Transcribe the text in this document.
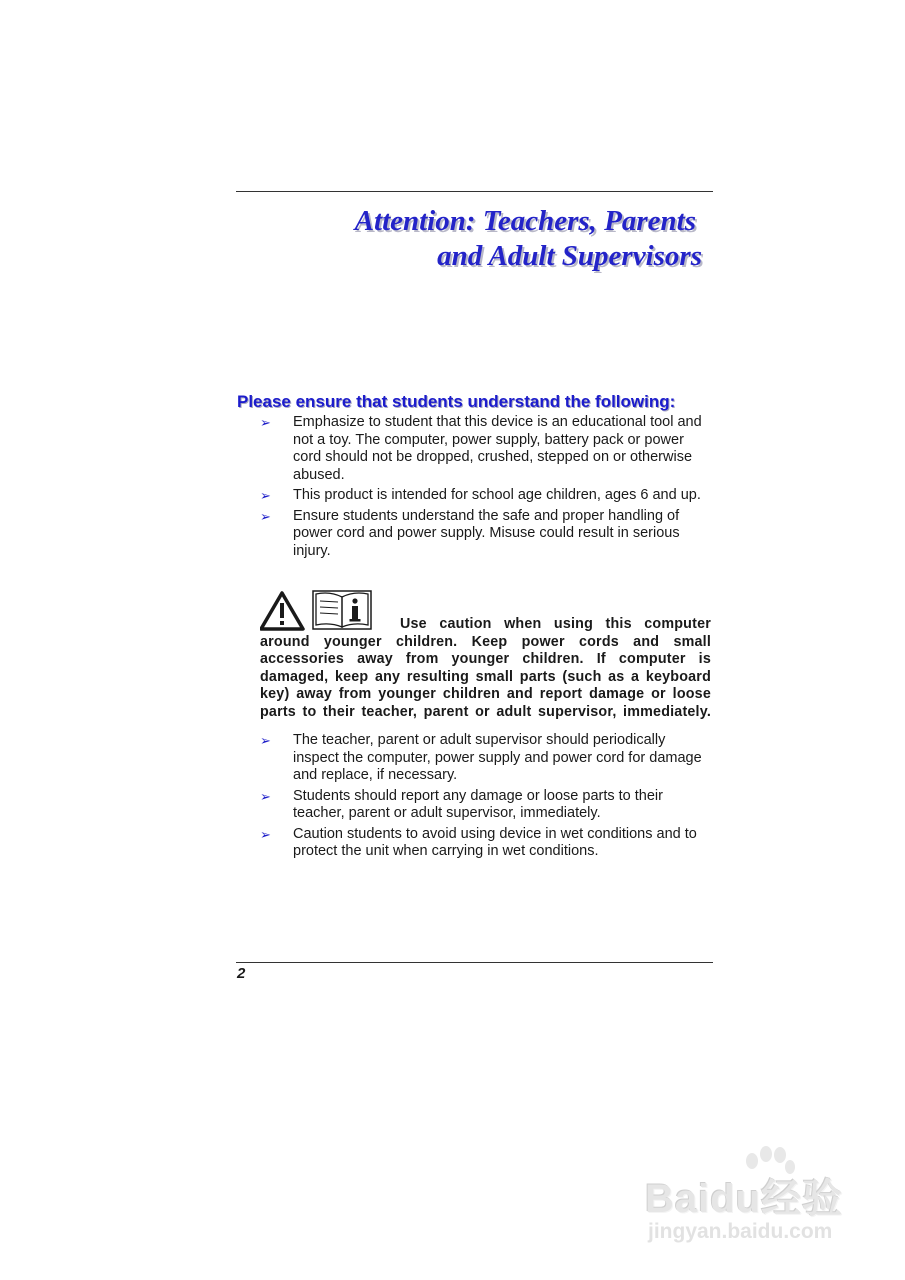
Attention: Teachers, Parents
and Adult Supervisors
Please ensure that students understand the following:
➢ Emphasize to student that this device is an educational tool and not a toy. The computer, power supply, battery pack or power cord should not be dropped, crushed, stepped on or otherwise abused.
➢ This product is intended for school age children, ages 6 and up.
➢ Ensure students understand the safe and proper handling of power cord and power supply. Misuse could result in serious injury.

Use caution when using this computer around younger children. Keep power cords and small accessories away from younger children. If computer is damaged, keep any resulting small parts (such as a keyboard key) away from younger children and report damage or loose parts to their teacher, parent or adult supervisor, immediately.

➢ The teacher, parent or adult supervisor should periodically inspect the computer, power supply and power cord for damage and replace, if necessary.
➢ Students should report any damage or loose parts to their teacher, parent or adult supervisor, immediately.
➢ Caution students to avoid using device in wet conditions and to protect the unit when carrying in wet conditions.
2
Baidu经验
jingyan.baidu.com
